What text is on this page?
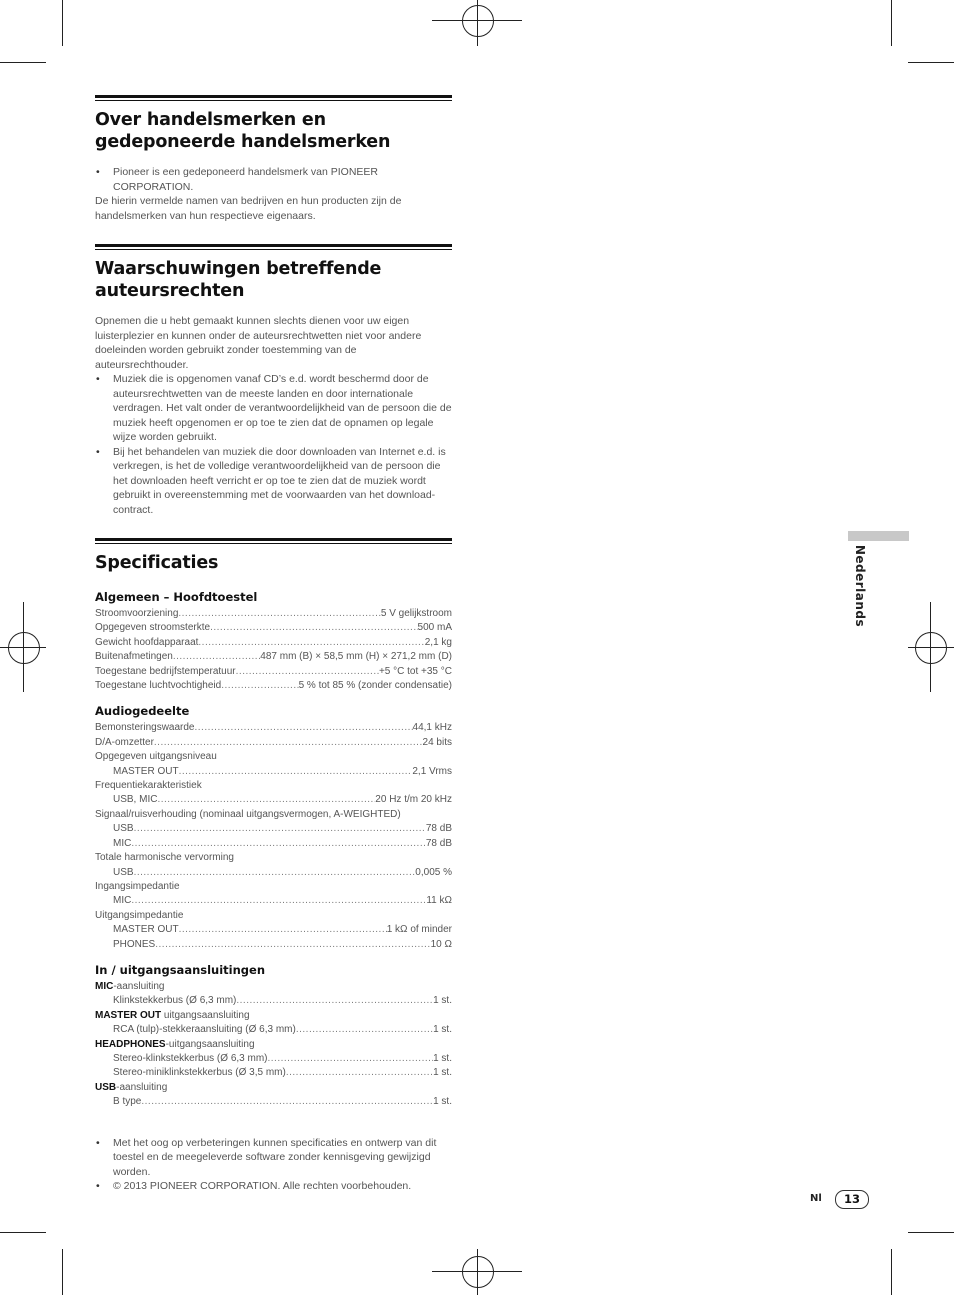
Over handelsmerken en gedeponeerde handelsmerken
• Pioneer is een gedeponeerd handelsmerk van PIONEER CORPORATION.

De hierin vermelde namen van bedrijven en hun producten zijn de handelsmerken van hun respectieve eigenaars.

Waarschuwingen betreffende auteursrechten

Opnemen die u hebt gemaakt kunnen slechts dienen voor uw eigen luisterplezier en kunnen onder de auteursrechtwetten niet voor andere doeleinden worden gebruikt zonder toestemming van de auteursrechthouder.

• Muziek die is opgenomen vanaf CD’s e.d. wordt beschermd door de auteursrechtwetten van de meeste landen en door internationale verdragen. Het valt onder de verantwoordelijkheid van de persoon die de muziek heeft opgenomen er op toe te zien dat de opnamen op legale wijze worden gebruikt.
• Bij het behandelen van muziek die door downloaden van Internet e.d. is verkregen, is het de volledige verantwoordelijkheid van de persoon die het downloaden heeft verricht er op toe te zien dat de muziek wordt gebruikt in overeenstemming met de voorwaarden van het download-contract.
Specificaties
Algemeen – Hoofdtoestel
Stroomvoorziening .....	5 V gelijkstroom
Opgegeven stroomsterkte .....	500 mA
Gewicht hoofdapparaat .....	2,1 kg
Buitenafmetingen .....	487 mm (B) × 58,5 mm (H) × 271,2 mm (D)
Toegestane bedrijfstemperatuur .....	+5 °C tot +35 °C
Toegestane luchtvochtigheid .....	5 % tot 85 % (zonder condensatie)
Audiogedeelte
Bemonsteringswaarde .....	44,1 kHz
D/A-omzetter .....	24 bits
Opgegeven uitgangsniveau
MASTER OUT .....	2,1 Vrms
Frequentiekarakteristiek
USB, MIC .....	20 Hz t/m 20 kHz
Signaal/ruisverhouding (nominaal uitgangsvermogen, A-WEIGHTED)
USB .....	78 dB
MIC .....	78 dB
Totale harmonische vervorming
USB .....	0,005 %
Ingangsimpedantie
MIC .....	11 kΩ
Uitgangsimpedantie
MASTER OUT .....	1 kΩ of minder
PHONES .....	10 Ω
In / uitgangsaansluitingen
MIC-aansluiting
Klinkstekkerbus (Ø 6,3 mm) .....	1 st.
MASTER OUT uitgangsaansluiting
RCA (tulp)-stekkeraansluiting (Ø 6,3 mm) .....	1 st.
HEADPHONES-uitgangsaansluiting
Stereo-klinkstekkerbus (Ø 6,3 mm) .....	1 st.
Stereo-miniklinkstekkerbus (Ø 3,5 mm) .....	1 st.
USB-aansluiting
B type .....	1 st.
• Met het oog op verbeteringen kunnen specificaties en ontwerp van dit toestel en de meegeleverde software zonder kennisgeving gewijzigd worden.
• © 2013 PIONEER CORPORATION. Alle rechten voorbehouden.
Nederlands
Nl	13
